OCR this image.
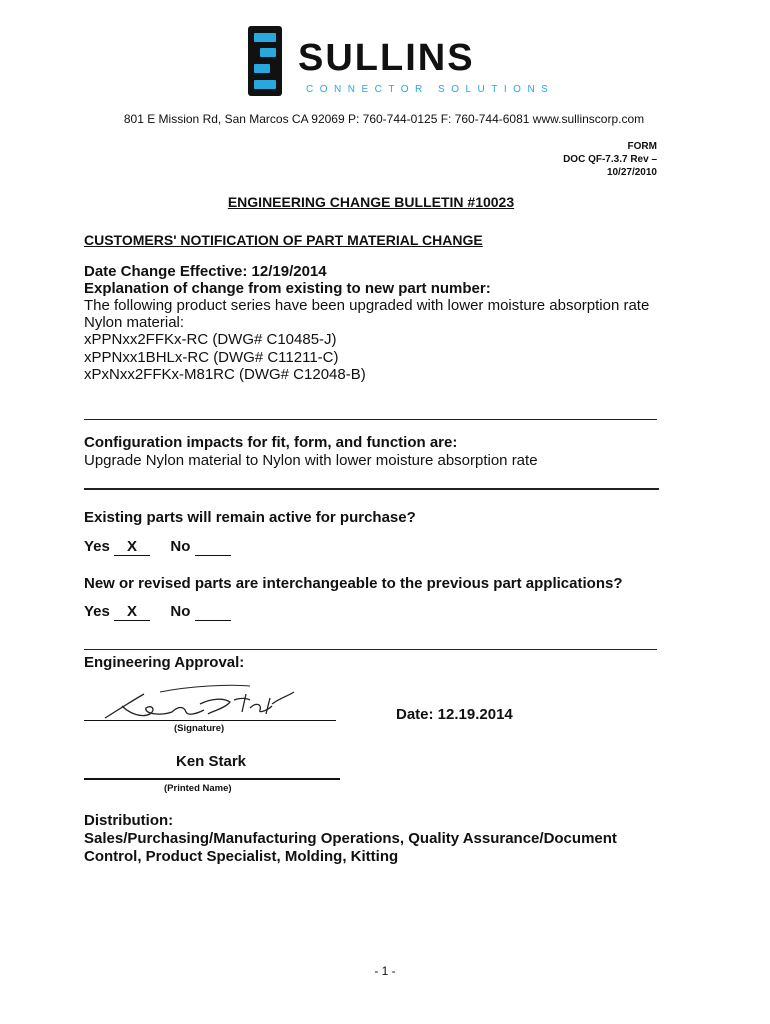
SULLINS
CONNECTOR SOLUTIONS
801 E Mission Rd, San Marcos CA 92069 P: 760-744-0125 F: 760-744-6081 www.sullinscorp.com
FORM
DOC QF-7.3.7 Rev –
10/27/2010
ENGINEERING CHANGE BULLETIN #10023
CUSTOMERS' NOTIFICATION OF PART MATERIAL CHANGE
Date Change Effective: 12/19/2014
Explanation of change from existing to new part number:
The following product series have been upgraded with lower moisture absorption rate
Nylon material:
xPPNxx2FFKx-RC (DWG# C10485-J)
xPPNxx1BHLx-RC (DWG# C11211-C)
xPxNxx2FFKx-M81RC (DWG# C12048-B)
Configuration impacts for fit, form, and function are:
Upgrade Nylon material to Nylon with lower moisture absorption rate
Existing parts will remain active for purchase?
Yes X No
New or revised parts are interchangeable to the previous part applications?
Yes X No
Engineering Approval:
(Signature)
Date: 12.19.2014
Ken Stark
(Printed Name)
Distribution:
Sales/Purchasing/Manufacturing Operations, Quality Assurance/Document
Control, Product Specialist, Molding, Kitting
- 1 -
